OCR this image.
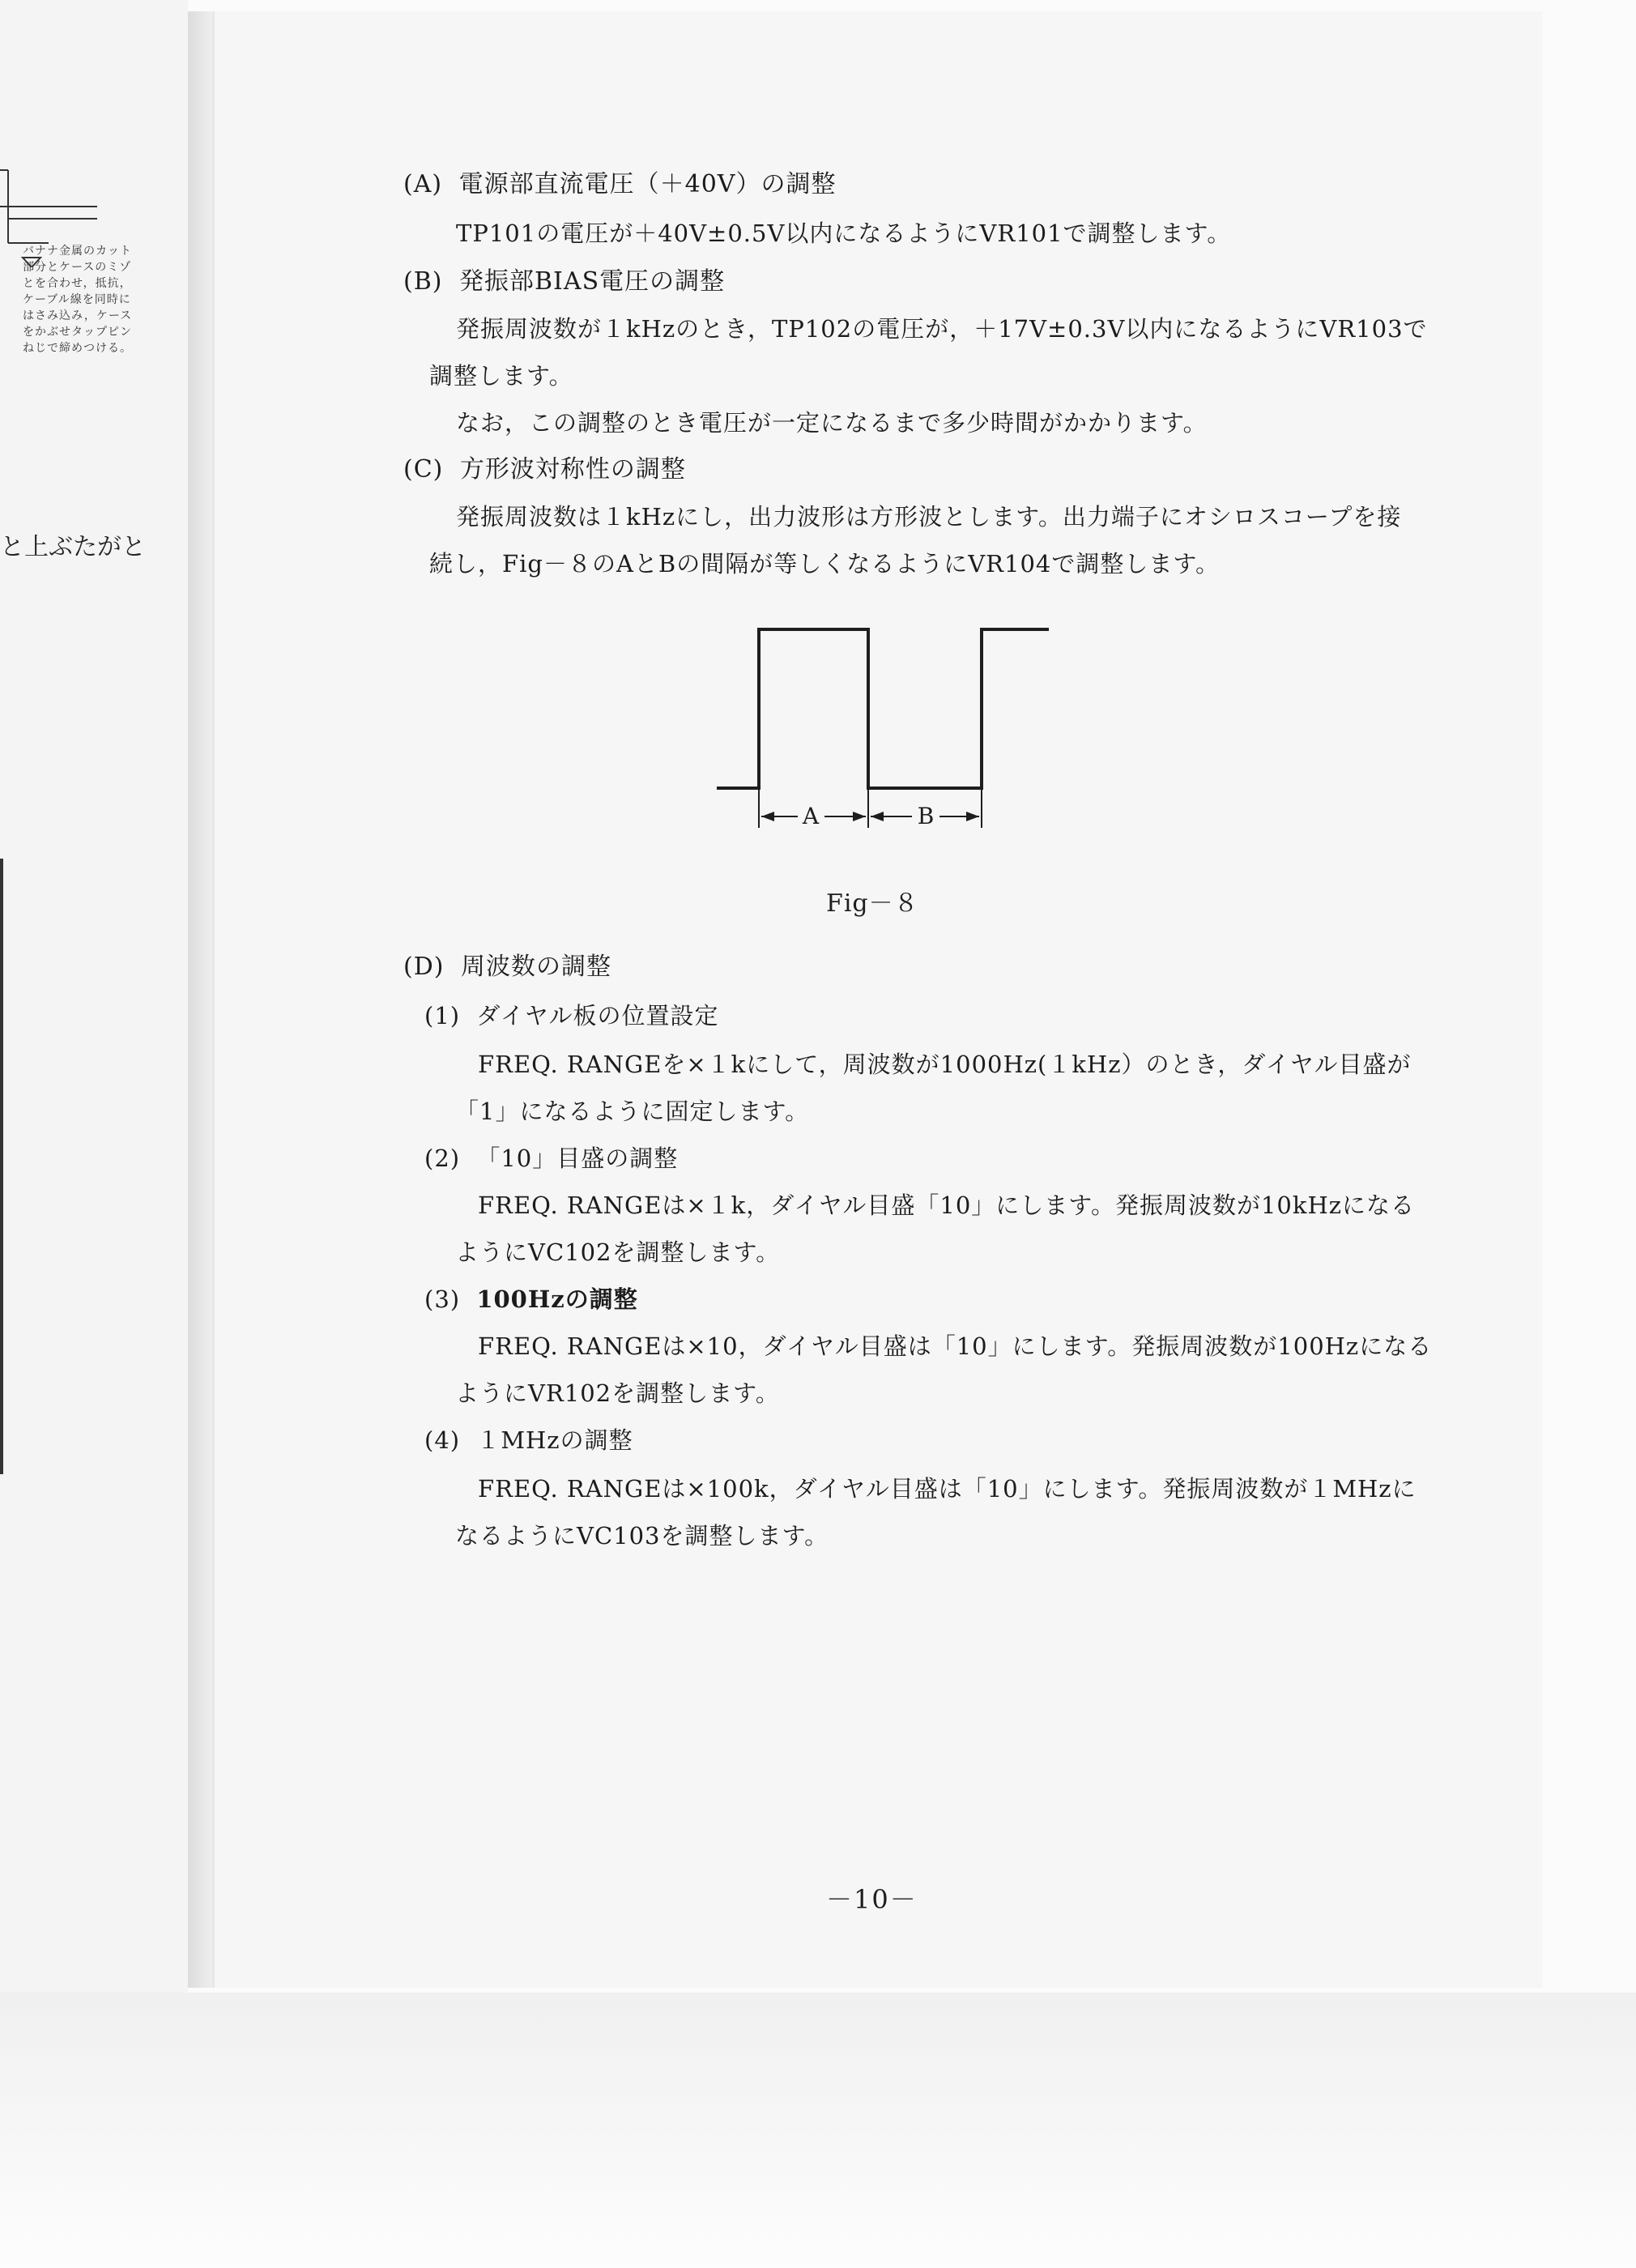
バナナ金属のカット
部分とケースのミゾ
とを合わせ，抵抗，
ケーブル線を同時に
はさみ込み，ケース
をかぶせタップピン
ねじで締めつける。
と上ぶたがと
(A) 電源部直流電圧（＋40V）の調整
TP101の電圧が＋40V±0.5V以内になるようにVR101で調整します。
(B) 発振部BIAS電圧の調整
発振周波数が１kHzのとき，TP102の電圧が，＋17V±0.3V以内になるようにVR103で
調整します。
なお，この調整のとき電圧が一定になるまで多少時間がかかります。
(C) 方形波対称性の調整
発振周波数は１kHzにし，出力波形は方形波とします。出力端子にオシロスコープを接
続し，Fig－８のAとBの間隔が等しくなるようにVR104で調整します。
A	B
Fig－８
(D) 周波数の調整
(1) ダイヤル板の位置設定
FREQ. RANGEを×１kにして，周波数が1000Hz(１kHz）のとき，ダイヤル目盛が
「1」になるように固定します。
(2) 「10」目盛の調整
FREQ. RANGEは×１k，ダイヤル目盛「10」にします。発振周波数が10kHzになる
ようにVC102を調整します。
(3) 100Hzの調整
FREQ. RANGEは×10，ダイヤル目盛は「10」にします。発振周波数が100Hzになる
ようにVR102を調整します。
(4) １MHzの調整
FREQ. RANGEは×100k，ダイヤル目盛は「10」にします。発振周波数が１MHzに
なるようにVC103を調整します。
－10－
